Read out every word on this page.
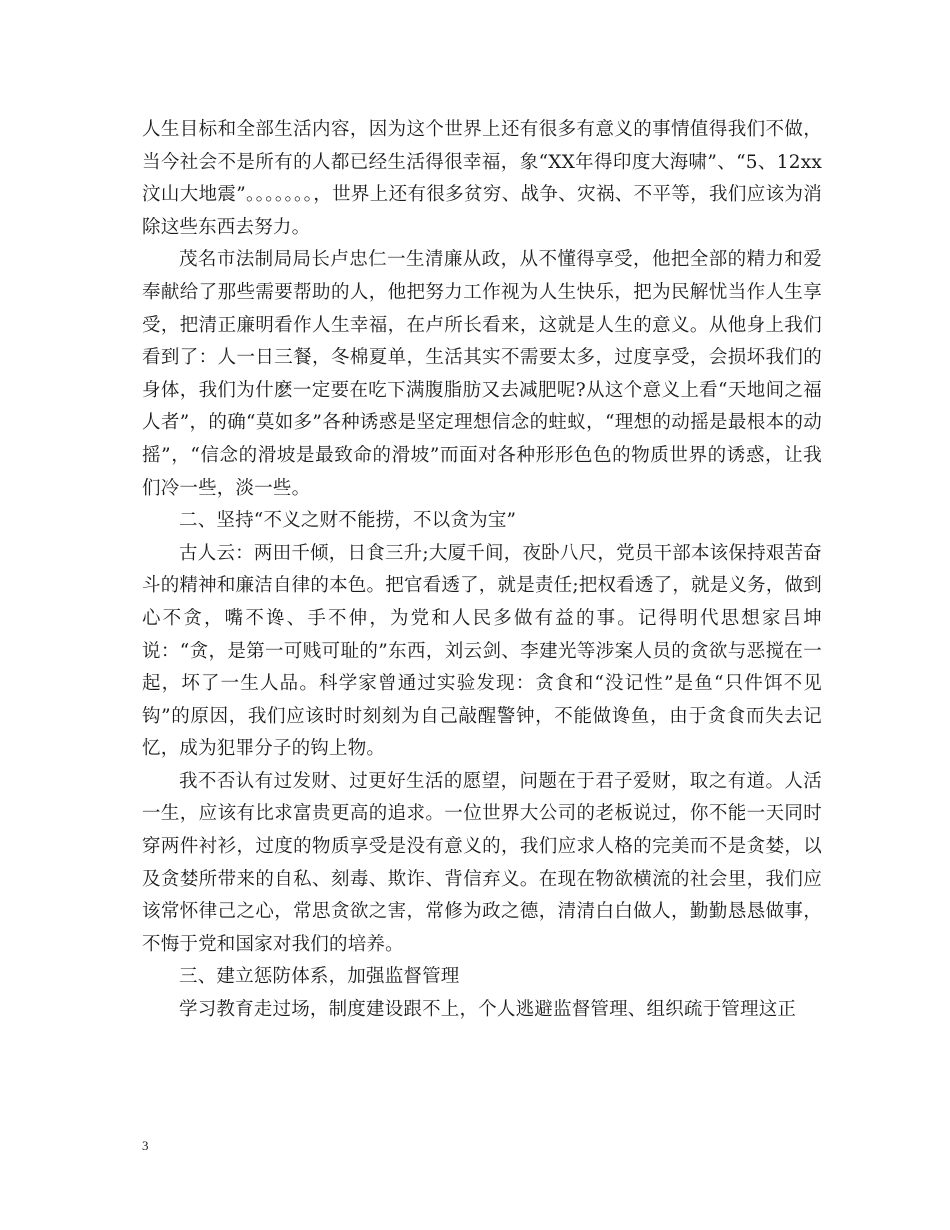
人生目标和全部生活内容，因为这个世界上还有很多有意义的事情值得我们不做，当今社会不是所有的人都已经生活得很幸福，象“XX年得印度大海啸”、“5、12xx汶山大地震”。。。。。。。，世界上还有很多贫穷、战争、灾祸、不平等，我们应该为消除这些东西去努力。

茂名市法制局局长卢忠仁一生清廉从政，从不懂得享受，他把全部的精力和爱奉献给了那些需要帮助的人，他把努力工作视为人生快乐，把为民解忧当作人生享受，把清正廉明看作人生幸福，在卢所长看来，这就是人生的意义。从他身上我们看到了：人一日三餐，冬棉夏单，生活其实不需要太多，过度享受，会损坏我们的身体，我们为什麽一定要在吃下满腹脂肪又去减肥呢?从这个意义上看“天地间之福人者”，的确“莫如多”各种诱惑是坚定理想信念的蛀蚁，“理想的动摇是最根本的动摇”，“信念的滑坡是最致命的滑坡”而面对各种形形色色的物质世界的诱惑，让我们冷一些，淡一些。

二、坚持“不义之财不能捞，不以贪为宝”

古人云：两田千倾，日食三升;大厦千间，夜卧八尺，党员干部本该保持艰苦奋斗的精神和廉洁自律的本色。把官看透了，就是责任;把权看透了，就是义务，做到心不贪，嘴不谗、手不伸，为党和人民多做有益的事。记得明代思想家吕坤说：“贪，是第一可贱可耻的”东西，刘云剑、李建光等涉案人员的贪欲与恶搅在一起，坏了一生人品。科学家曾通过实验发现：贪食和“没记性”是鱼“只件饵不见钩”的原因，我们应该时时刻刻为自己敲醒警钟，不能做谗鱼，由于贪食而失去记忆，成为犯罪分子的钩上物。

我不否认有过发财、过更好生活的愿望，问题在于君子爱财，取之有道。人活一生，应该有比求富贵更高的追求。一位世界大公司的老板说过，你不能一天同时穿两件衬衫，过度的物质享受是没有意义的，我们应求人格的完美而不是贪婪，以及贪婪所带来的自私、刻毒、欺诈、背信弃义。在现在物欲横流的社会里，我们应该常怀律己之心，常思贪欲之害，常修为政之德，清清白白做人，勤勤恳恳做事，不悔于党和国家对我们的培养。

三、建立惩防体系，加强监督管理

学习教育走过场，制度建设跟不上，个人逃避监督管理、组织疏于管理这正

3
